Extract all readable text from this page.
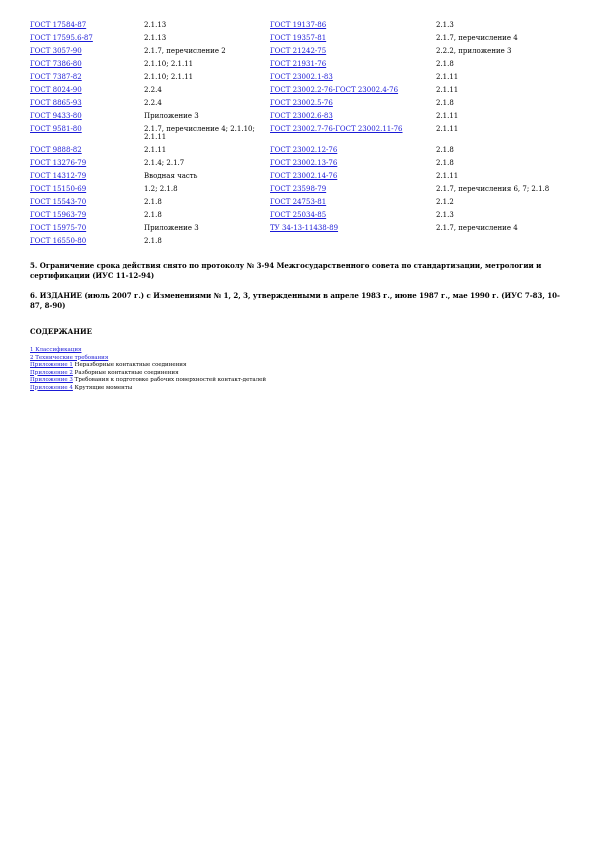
ГОСТ 17584-87	2.1.13	ГОСТ 19137-86	2.1.3
ГОСТ 17595.6-87	2.1.13	ГОСТ 19357-81	2.1.7, перечисление 4
ГОСТ 3057-90	2.1.7, перечисление 2	ГОСТ 21242-75	2.2.2, приложение 3
ГОСТ 7386-80	2.1.10; 2.1.11	ГОСТ 21931-76	2.1.8
ГОСТ 7387-82	2.1.10; 2.1.11	ГОСТ 23002.1-83	2.1.11
ГОСТ 8024-90	2.2.4	ГОСТ 23002.2-76-ГОСТ 23002.4-76	2.1.11
ГОСТ 8865-93	2.2.4	ГОСТ 23002.5-76	2.1.8
ГОСТ 9433-80	Приложение 3	ГОСТ 23002.6-83	2.1.11
ГОСТ 9581-80	2.1.7, перечисление 4; 2.1.10; 2.1.11	ГОСТ 23002.7-76-ГОСТ 23002.11-76	2.1.11
ГОСТ 9888-82	2.1.11	ГОСТ 23002.12-76	2.1.8
ГОСТ 13276-79	2.1.4; 2.1.7	ГОСТ 23002.13-76	2.1.8
ГОСТ 14312-79	Вводная часть	ГОСТ 23002.14-76	2.1.11
ГОСТ 15150-69	1.2; 2.1.8	ГОСТ 23598-79	2.1.7, перечисления 6, 7; 2.1.8
ГОСТ 15543-70	2.1.8	ГОСТ 24753-81	2.1.2
ГОСТ 15963-79	2.1.8	ГОСТ 25034-85	2.1.3
ГОСТ 15975-70	Приложение 3	ТУ 34-13-11438-89	2.1.7, перечисление 4
ГОСТ 16550-80	2.1.8		

5. Ограничение срока действия снято по протоколу № 3-94 Межгосударственного совета по стандартизации, метрологии и сертификации (ИУС 11-12-94)

6. ИЗДАНИЕ (июль 2007 г.) с Изменениями № 1, 2, 3, утвержденными в апреле 1983 г., июне 1987 г., мае 1990 г. (ИУС 7-83, 10-87, 8-90)

СОДЕРЖАНИЕ
1 Классификация
2 Технические требования
Приложение 1 Неразборные контактные соединения
Приложение 2 Разборные контактные соединения
Приложение 3 Требования к подготовке рабочих поверхностей контакт-деталей
Приложение 4 Крутящие моменты
